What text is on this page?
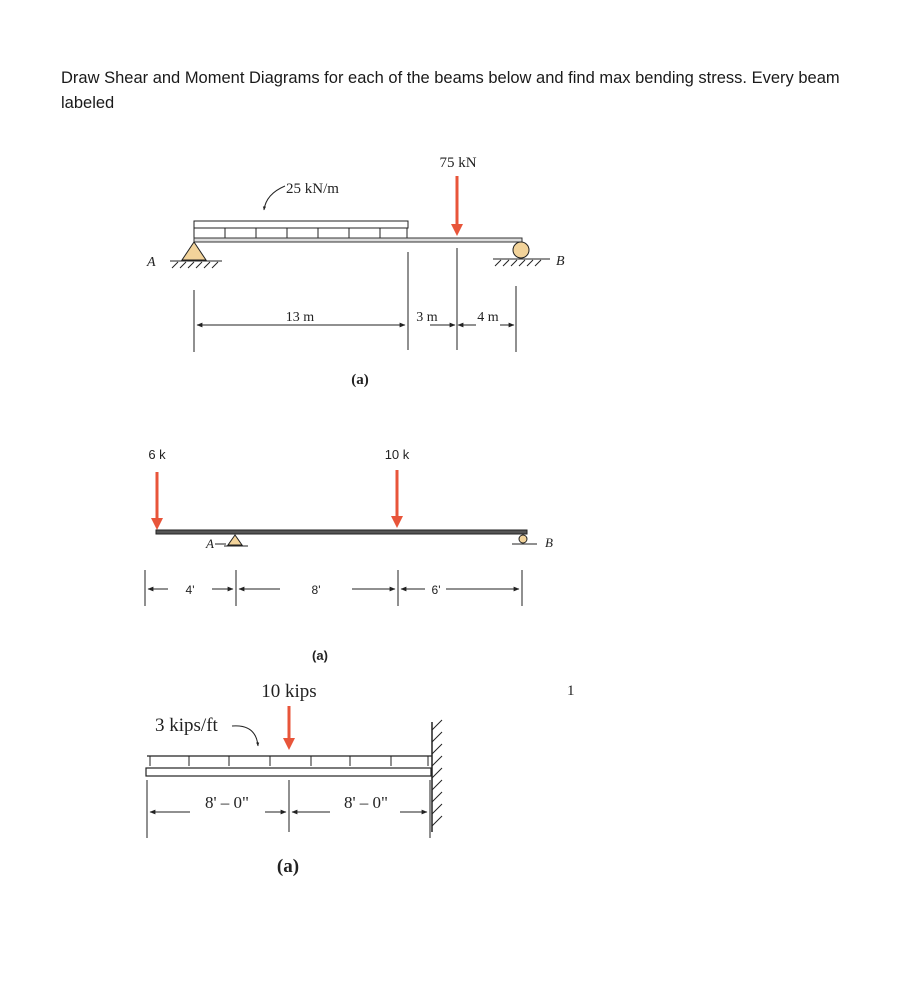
Draw Shear and Moment Diagrams for each of the beams below and find max bending stress. Every beam labeled
75 kN
25 kN/m
A	B
13 m	3 m	4 m
(a)
6 k	10 k
A	B
4'	8'	6'
(a)
10 kips
3 kips/ft
1
8' – 0"	8' – 0"
(a)
